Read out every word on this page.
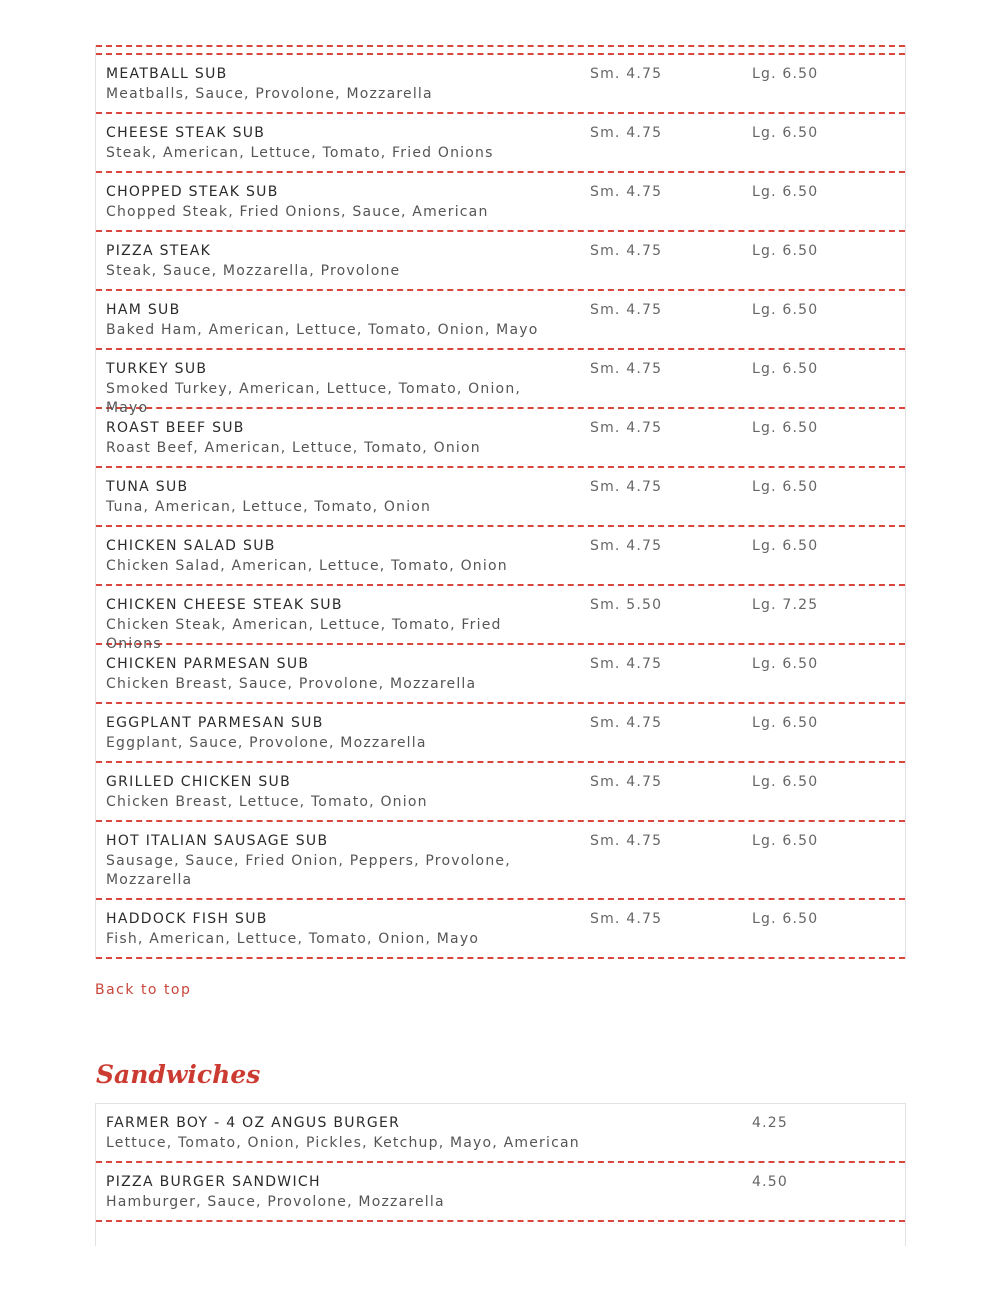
MEATBALL SUB
Meatballs, Sauce, Provolone, Mozzarella
Sm. 4.75	Lg. 6.50
CHEESE STEAK SUB
Steak, American, Lettuce, Tomato, Fried Onions
Sm. 4.75	Lg. 6.50
CHOPPED STEAK SUB
Chopped Steak, Fried Onions, Sauce, American
Sm. 4.75	Lg. 6.50
PIZZA STEAK
Steak, Sauce, Mozzarella, Provolone
Sm. 4.75	Lg. 6.50
HAM SUB
Baked Ham, American, Lettuce, Tomato, Onion, Mayo
Sm. 4.75	Lg. 6.50
TURKEY SUB
Smoked Turkey, American, Lettuce, Tomato, Onion, Mayo
Sm. 4.75	Lg. 6.50
ROAST BEEF SUB
Roast Beef, American, Lettuce, Tomato, Onion
Sm. 4.75	Lg. 6.50
TUNA SUB
Tuna, American, Lettuce, Tomato, Onion
Sm. 4.75	Lg. 6.50
CHICKEN SALAD SUB
Chicken Salad, American, Lettuce, Tomato, Onion
Sm. 4.75	Lg. 6.50
CHICKEN CHEESE STEAK SUB
Chicken Steak, American, Lettuce, Tomato, Fried Onions
Sm. 5.50	Lg. 7.25
CHICKEN PARMESAN SUB
Chicken Breast, Sauce, Provolone, Mozzarella
Sm. 4.75	Lg. 6.50
EGGPLANT PARMESAN SUB
Eggplant, Sauce, Provolone, Mozzarella
Sm. 4.75	Lg. 6.50
GRILLED CHICKEN SUB
Chicken Breast, Lettuce, Tomato, Onion
Sm. 4.75	Lg. 6.50
HOT ITALIAN SAUSAGE SUB
Sausage, Sauce, Fried Onion, Peppers, Provolone, Mozzarella
Sm. 4.75	Lg. 6.50
HADDOCK FISH SUB
Fish, American, Lettuce, Tomato, Onion, Mayo
Sm. 4.75	Lg. 6.50
Back to top
Sandwiches
FARMER BOY - 4 OZ ANGUS BURGER
Lettuce, Tomato, Onion, Pickles, Ketchup, Mayo, American
4.25
PIZZA BURGER SANDWICH
Hamburger, Sauce, Provolone, Mozzarella
4.50
